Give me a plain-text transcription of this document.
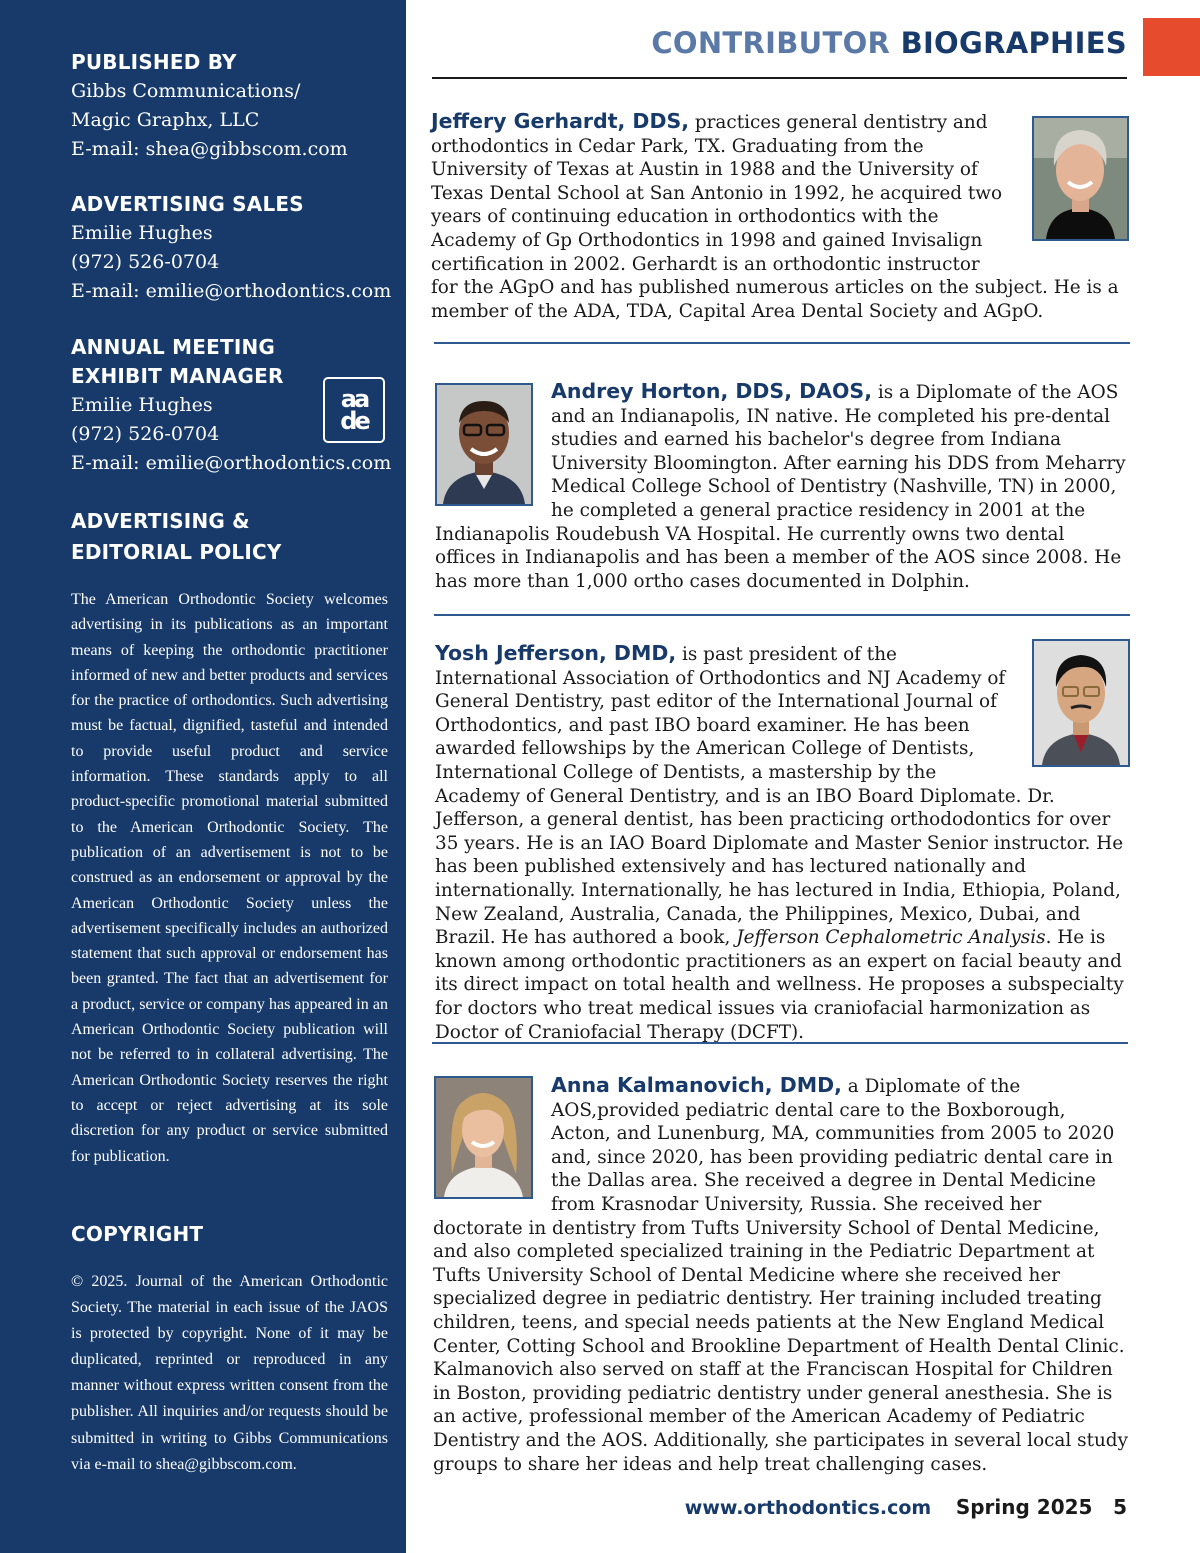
PUBLISHED BY
Gibbs Communications/
Magic Graphx, LLC
E-mail: shea@gibbscom.com
ADVERTISING SALES
Emilie Hughes
(972) 526-0704
E-mail: emilie@orthodontics.com
ANNUAL MEETING
EXHIBIT MANAGER
Emilie Hughes
(972) 526-0704
E-mail: emilie@orthodontics.com
aa
de
ADVERTISING &
EDITORIAL POLICY
The American Orthodontic Society welcomes advertising in its publications as an important means of keeping the orthodontic practitioner informed of new and better products and services for the practice of orthodontics. Such advertising must be factual, dignified, tasteful and intended to provide useful product and service information. These standards apply to all product-specific promotional material submitted to the American Orthodontic Society. The publication of an advertisement is not to be construed as an endorsement or approval by the American Orthodontic Society unless the advertisement specifically includes an authorized statement that such approval or endorsement has been granted. The fact that an advertisement for a product, service or company has appeared in an American Orthodontic Society publication will not be referred to in collateral advertising. The American Orthodontic Society reserves the right to accept or reject advertising at its sole discretion for any product or service submitted for publication.
COPYRIGHT
© 2025. Journal of the American Orthodontic Society. The material in each issue of the JAOS is protected by copyright. None of it may be duplicated, reprinted or reproduced in any manner without express written consent from the publisher. All inquiries and/or requests should be submitted in writing to Gibbs Communications via e-mail to shea@gibbscom.com.
CONTRIBUTOR BIOGRAPHIES
Jeffery Gerhardt, DDS, practices general dentistry and orthodontics in Cedar Park, TX. Graduating from the University of Texas at Austin in 1988 and the University of Texas Dental School at San Antonio in 1992, he acquired two years of continuing education in orthodontics with the Academy of Gp Orthodontics in 1998 and gained Invisalign certification in 2002. Gerhardt is an orthodontic instructor for the AGpO and has published numerous articles on the subject. He is a member of the ADA, TDA, Capital Area Dental Society and AGpO.
Andrey Horton, DDS, DAOS, is a Diplomate of the AOS and an Indianapolis, IN native. He completed his pre-dental studies and earned his bachelor's degree from Indiana University Bloomington. After earning his DDS from Meharry Medical College School of Dentistry (Nashville, TN) in 2000, he completed a general practice residency in 2001 at the Indianapolis Roudebush VA Hospital. He currently owns two dental offices in Indianapolis and has been a member of the AOS since 2008. He has more than 1,000 ortho cases documented in Dolphin.
Yosh Jefferson, DMD, is past president of the International Association of Orthodontics and NJ Academy of General Dentistry, past editor of the International Journal of Orthodontics, and past IBO board examiner. He has been awarded fellowships by the American College of Dentists, International College of Dentists, a mastership by the Academy of General Dentistry, and is an IBO Board Diplomate. Dr. Jefferson, a general dentist, has been practicing orthododontics for over 35 years. He is an IAO Board Diplomate and Master Senior instructor. He has been published extensively and has lectured nationally and internationally. Internationally, he has lectured in India, Ethiopia, Poland, New Zealand, Australia, Canada, the Philippines, Mexico, Dubai, and Brazil. He has authored a book, Jefferson Cephalometric Analysis. He is known among orthodontic practitioners as an expert on facial beauty and its direct impact on total health and wellness. He proposes a subspecialty for doctors who treat medical issues via craniofacial harmonization as Doctor of Craniofacial Therapy (DCFT).
Anna Kalmanovich, DMD, a Diplomate of the AOS,provided pediatric dental care to the Boxborough, Acton, and Lunenburg, MA, communities from 2005 to 2020 and, since 2020, has been providing pediatric dental care in the Dallas area. She received a degree in Dental Medicine from Krasnodar University, Russia. She received her doctorate in dentistry from Tufts University School of Dental Medicine, and also completed specialized training in the Pediatric Department at Tufts University School of Dental Medicine where she received her specialized degree in pediatric dentistry. Her training included treating children, teens, and special needs patients at the New England Medical Center, Cotting School and Brookline Department of Health Dental Clinic. Kalmanovich also served on staff at the Franciscan Hospital for Children in Boston, providing pediatric dentistry under general anesthesia. She is an active, professional member of the American Academy of Pediatric Dentistry and the AOS. Additionally, she participates in several local study groups to share her ideas and help treat challenging cases.
www.orthodontics.com Spring 2025 5
